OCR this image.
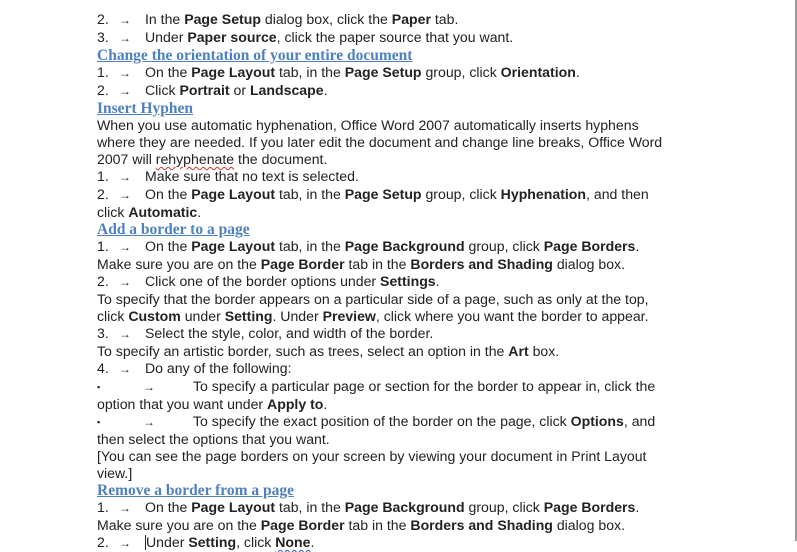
2. → In the Page Setup dialog box, click the Paper tab.

3. → Under Paper source, click the paper source that you want.

Change the orientation of your entire document

1. → On the Page Layout tab, in the Page Setup group, click Orientation.

2. → Click Portrait or Landscape.

Insert Hyphen

When you use automatic hyphenation, Office Word 2007 automatically inserts hyphens
where they are needed. If you later edit the document and change line breaks, Office Word
2007 will rehyphenate the document.

1. → Make sure that no text is selected.

2. → On the Page Layout tab, in the Page Setup group, click Hyphenation, and then
click Automatic.

Add a border to a page

1. → On the Page Layout tab, in the Page Background group, click Page Borders.
Make sure you are on the Page Border tab in the Borders and Shading dialog box.

2. → Click one of the border options under Settings.

To specify that the border appears on a particular side of a page, such as only at the top,
click Custom under Setting. Under Preview, click where you want the border to appear.

3. → Select the style, color, and width of the border.

To specify an artistic border, such as trees, select an option in the Art box.

4. → Do any of the following:

▪	→	To specify a particular page or section for the border to appear in, click the
option that you want under Apply to.

▪	→	To specify the exact position of the border on the page, click Options, and
then select the options that you want.

[You can see the page borders on your screen by viewing your document in Print Layout
view.]

Remove a border from a page

1. → On the Page Layout tab, in the Page Background group, click Page Borders.
Make sure you are on the Page Border tab in the Borders and Shading dialog box.

2. → Under Setting, click None.
